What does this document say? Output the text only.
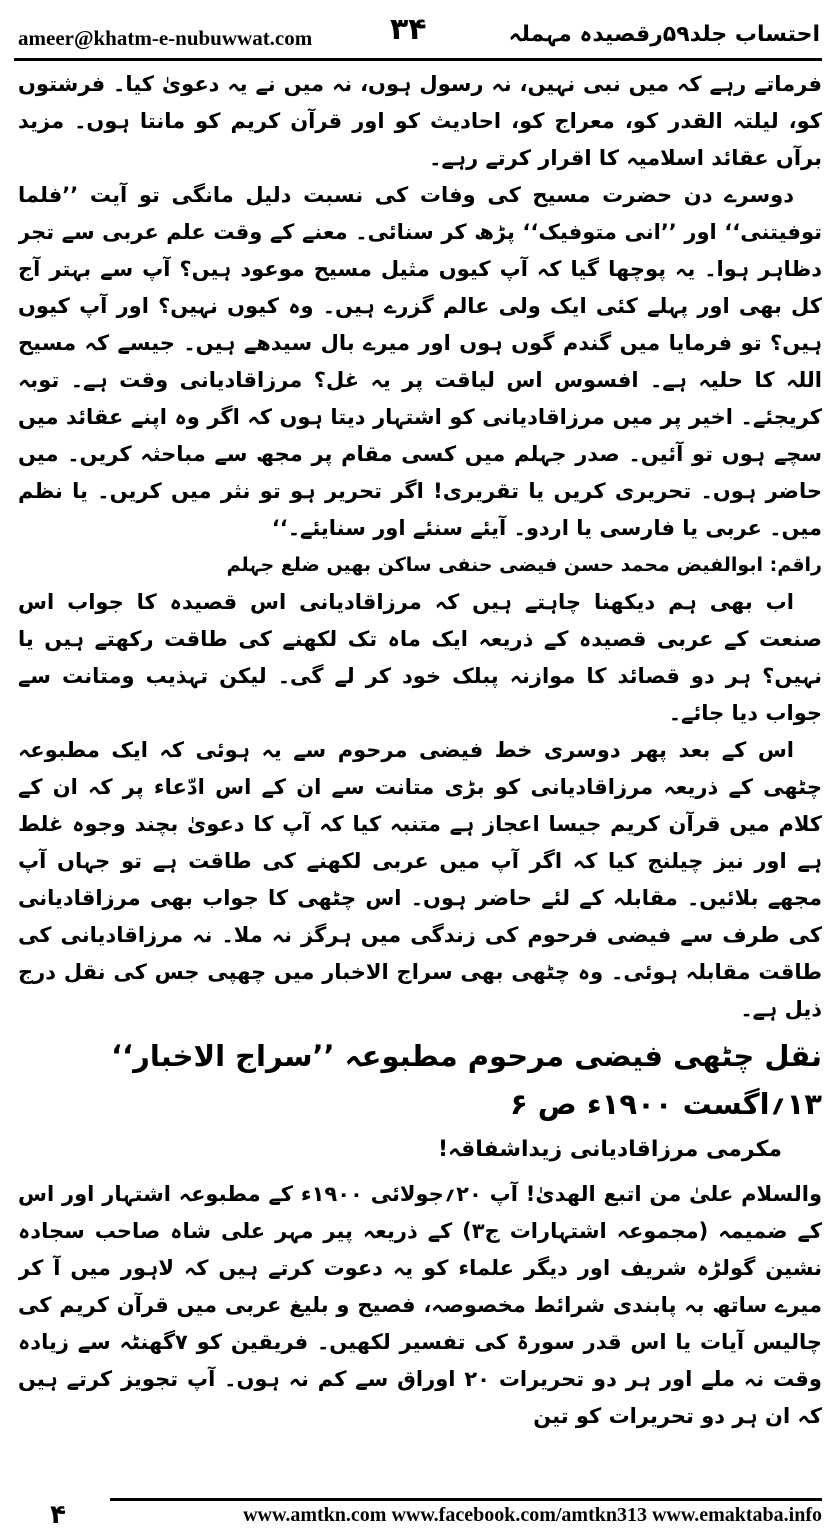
ameer@khatm-e-nubuwwat.com	۳۴	احتساب جلد۵۹رقصیدہ مہملہ

فرماتے رہے کہ میں نبی نہیں، نہ رسول ہوں، نہ میں نے یہ دعویٰ کیا۔ فرشتوں کو، لیلتہ القدر کو، معراج کو، احادیث کو اور قرآن کریم کو مانتا ہوں۔ مزید برآں عقائد اسلامیہ کا اقرار کرتے رہے۔

دوسرے دن حضرت مسیح کی وفات کی نسبت دلیل مانگی تو آیت ’’فلما توفیتنی‘‘ اور ’’انی متوفیک‘‘ پڑھ کر سنائی۔ معنے کے وقت علم عربی سے تجر دظاہر ہوا۔ یہ پوچھا گیا کہ آپ کیوں مثیل مسیح موعود ہیں؟ آپ سے بہتر آج کل بھی اور پہلے کئی ایک ولی عالم گزرے ہیں۔ وہ کیوں نہیں؟ اور آپ کیوں ہیں؟ تو فرمایا میں گندم گوں ہوں اور میرے بال سیدھے ہیں۔ جیسے کہ مسیح اللہ کا حلیہ ہے۔ افسوس اس لیاقت پر یہ غل؟ مرزاقادیانی وقت ہے۔ توبہ کریجئے۔ اخیر پر میں مرزاقادیانی کو اشتہار دیتا ہوں کہ اگر وہ اپنے عقائد میں سچے ہوں تو آئیں۔ صدر جہلم میں کسی مقام پر مجھ سے مباحثہ کریں۔ میں حاضر ہوں۔ تحریری کریں یا تقریری! اگر تحریر ہو تو نثر میں کریں۔ یا نظم میں۔ عربی یا فارسی یا اردو۔ آیئے سنئے اور سنایئے۔‘‘

راقم: ابوالفیض محمد حسن فیضی حنفی ساکن بھیں ضلع جہلم

اب بھی ہم دیکھنا چاہتے ہیں کہ مرزاقادیانی اس قصیدہ کا جواب اس صنعت کے عربی قصیدہ کے ذریعہ ایک ماہ تک لکھنے کی طاقت رکھتے ہیں یا نہیں؟ ہر دو قصائد کا موازنہ پبلک خود کر لے گی۔ لیکن تہذیب ومتانت سے جواب دیا جائے۔

اس کے بعد پھر دوسری خط فیضی مرحوم سے یہ ہوئی کہ ایک مطبوعہ چٹھی کے ذریعہ مرزاقادیانی کو بڑی متانت سے ان کے اس ادّعاء پر کہ ان کے کلام میں قرآن کریم جیسا اعجاز ہے متنبہ کیا کہ آپ کا دعویٰ بچند وجوہ غلط ہے اور نیز چیلنج کیا کہ اگر آپ میں عربی لکھنے کی طاقت ہے تو جہاں آپ مجھے بلائیں۔ مقابلہ کے لئے حاضر ہوں۔ اس چٹھی کا جواب بھی مرزاقادیانی کی طرف سے فیضی فرحوم کی زندگی میں ہرگز نہ ملا۔ نہ مرزاقادیانی کی طاقت مقابلہ ہوئی۔ وہ چٹھی بھی سراج الاخبار میں چھپی جس کی نقل درج ذیل ہے۔

نقل چٹھی فیضی مرحوم مطبوعہ ’’سراج الاخبار‘‘ ۱۳؍اگست ۱۹۰۰ء ص ۶

مکرمی مرزاقادیانی زیداشفاقہ!

والسلام علیٰ من اتبع الھدیٰ! آپ ۲۰؍جولائی ۱۹۰۰ء کے مطبوعہ اشتہار اور اس کے ضمیمہ (مجموعہ اشتہارات ج۳) کے ذریعہ پیر مہر علی شاہ صاحب سجادہ نشین گولڑہ شریف اور دیگر علماء کو یہ دعوت کرتے ہیں کہ لاہور میں آ کر میرے ساتھ بہ پابندی شرائط مخصوصہ، فصیح و بلیغ عربی میں قرآن کریم کی چالیس آیات یا اس قدر سورۃ کی تفسیر لکھیں۔ فریقین کو ۷گھنٹہ سے زیادہ وقت نہ ملے اور ہر دو تحریرات ۲۰ اوراق سے کم نہ ہوں۔ آپ تجویز کرتے ہیں کہ ان ہر دو تحریرات کو تین

۴	www.amtkn.com www.facebook.com/amtkn313 www.emaktaba.info
